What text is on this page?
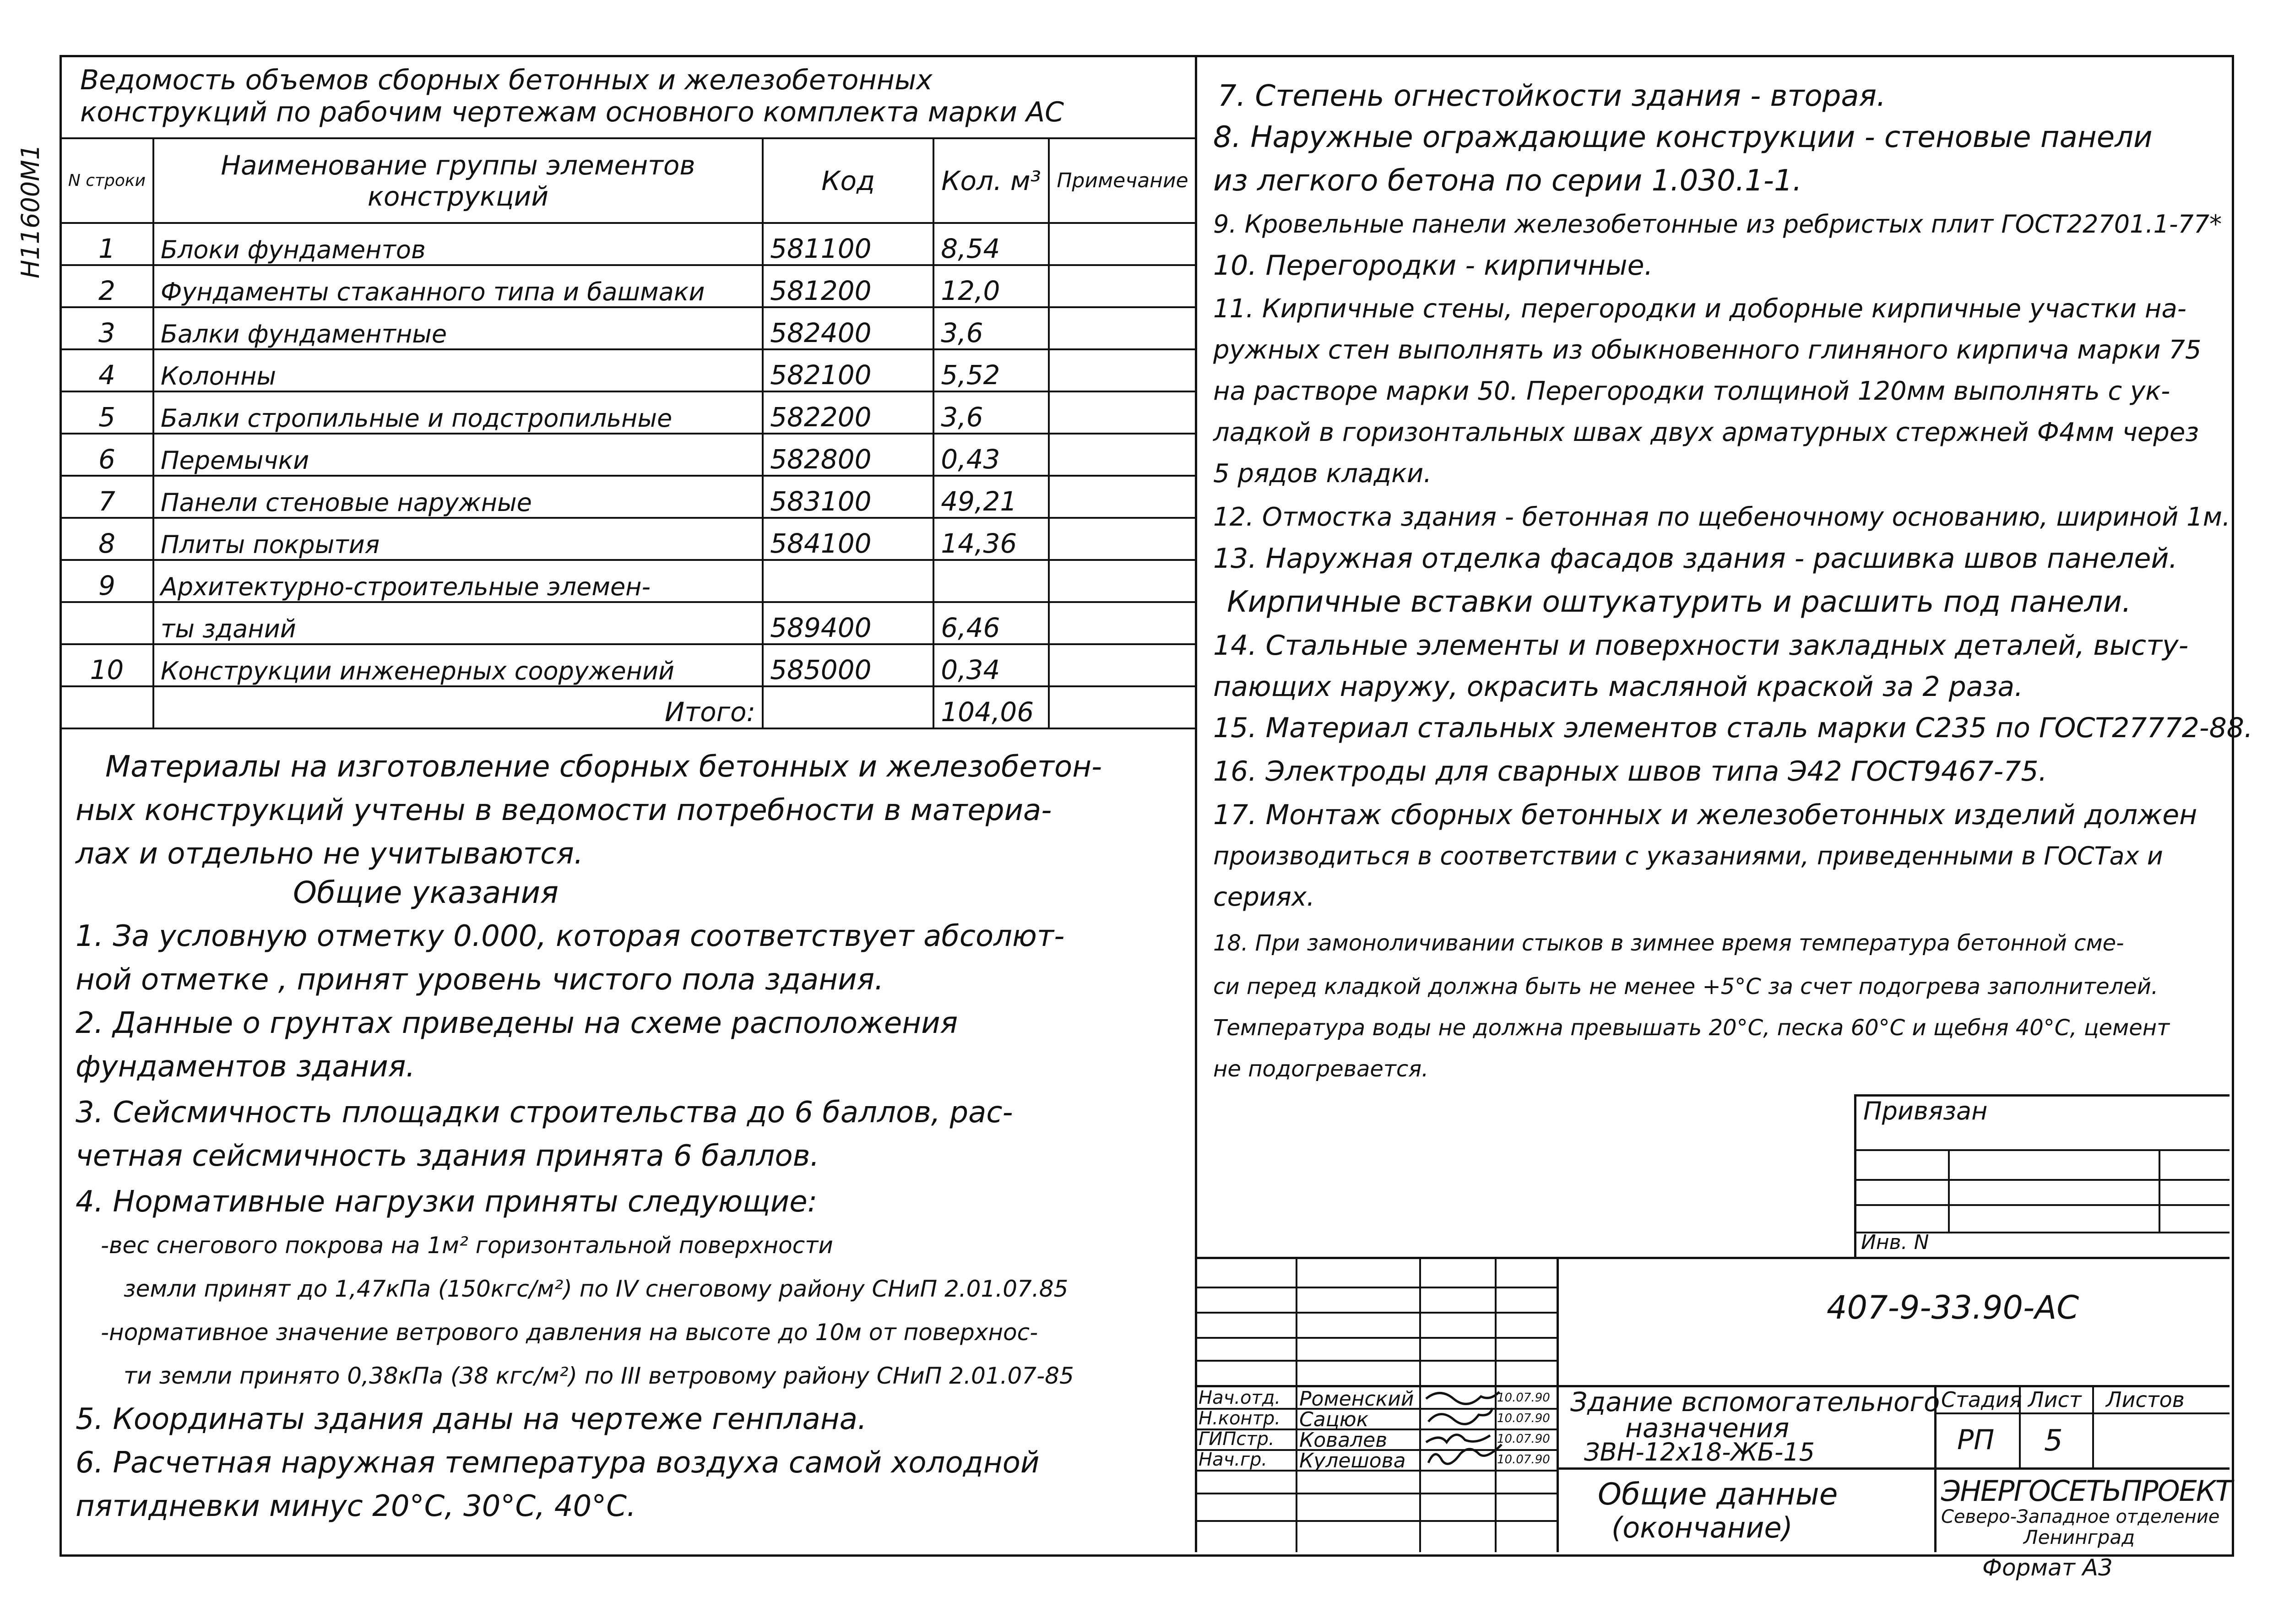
Н11600М1
Ведомость объемов сборных бетонных и железобетонных
конструкций по рабочим чертежам основного комплекта марки АС
N строки	Наименование группы элементов конструкций	Код	Кол. м³	Примечание
1	Блоки фундаментов	581100	8,54	
2	Фундаменты стаканного типа и башмаки	581200	12,0	
3	Балки фундаментные	582400	3,6	
4	Колонны	582100	5,52	
5	Балки стропильные и подстропильные	582200	3,6	
6	Перемычки	582800	0,43	
7	Панели стеновые наружные	583100	49,21	
8	Плиты покрытия	584100	14,36	
9	Архитектурно-строительные элемен-			
	ты зданий	589400	6,46	
10	Конструкции инженерных сооружений	585000	0,34	
	Итого:		104,06	
Материалы на изготовление сборных бетонных и железобетон-
ных конструкций учтены в ведомости потребности в материа-
лах и отдельно не учитываются.
Общие указания
1. За условную отметку 0.000, которая соответствует абсолют-
ной отметке , принят уровень чистого пола здания.
2. Данные о грунтах приведены на схеме расположения
фундаментов здания.
3. Сейсмичность площадки строительства до 6 баллов, рас-
четная сейсмичность здания принята 6 баллов.
4. Нормативные нагрузки приняты следующие:
-вес снегового покрова на 1м² горизонтальной поверхности
земли принят до 1,47кПа (150кгс/м²) по IV снеговому району СНиП 2.01.07.85
-нормативное значение ветрового давления на высоте до 10м от поверхнос-
ти земли принято 0,38кПа (38 кгс/м²) по III ветровому району СНиП 2.01.07-85
5. Координаты здания даны на чертеже генплана.
6. Расчетная наружная температура воздуха самой холодной
пятидневки минус 20°С, 30°С, 40°С.
7. Степень огнестойкости здания - вторая.
8. Наружные ограждающие конструкции - стеновые панели
из легкого бетона по серии 1.030.1-1.
9. Кровельные панели железобетонные из ребристых плит ГОСТ22701.1-77*
10. Перегородки - кирпичные.
11. Кирпичные стены, перегородки и доборные кирпичные участки на-
ружных стен выполнять из обыкновенного глиняного кирпича марки 75
на растворе марки 50. Перегородки толщиной 120мм выполнять с ук-
ладкой в горизонтальных швах двух арматурных стержней Ф4мм через
5 рядов кладки.
12. Отмостка здания - бетонная по щебеночному основанию, шириной 1м.
13. Наружная отделка фасадов здания - расшивка швов панелей.
Кирпичные вставки оштукатурить и расшить под панели.
14. Стальные элементы и поверхности закладных деталей, высту-
пающих наружу, окрасить масляной краской за 2 раза.
15. Материал стальных элементов сталь марки С235 по ГОСТ27772-88.
16. Электроды для сварных швов типа Э42 ГОСТ9467-75.
17. Монтаж сборных бетонных и железобетонных изделий должен
производиться в соответствии с указаниями, приведенными в ГОСТах и
сериях.
18. При замоноличивании стыков в зимнее время температура бетонной сме-
си перед кладкой должна быть не менее +5°С за счет подогрева заполнителей.
Температура воды не должна превышать 20°С, песка 60°С и щебня 40°С, цемент
не подогревается.
Привязан
Инв. N
407-9-33.90-АС
Нач.отд. Роменский	10.07.90
Н.контр. Сацюк	10.07.90
ГИПстр. Ковалев	10.07.90
Нач.гр. Кулешова	10.07.90
Здание вспомогательного
назначения
ЗВН-12х18-ЖБ-15
Стадия Лист Листов
РП 5
Общие данные
(окончание)
ЭНЕРГОСЕТЬПРОЕКТ
Северо-Западное отделение
Ленинград
Формат А3
